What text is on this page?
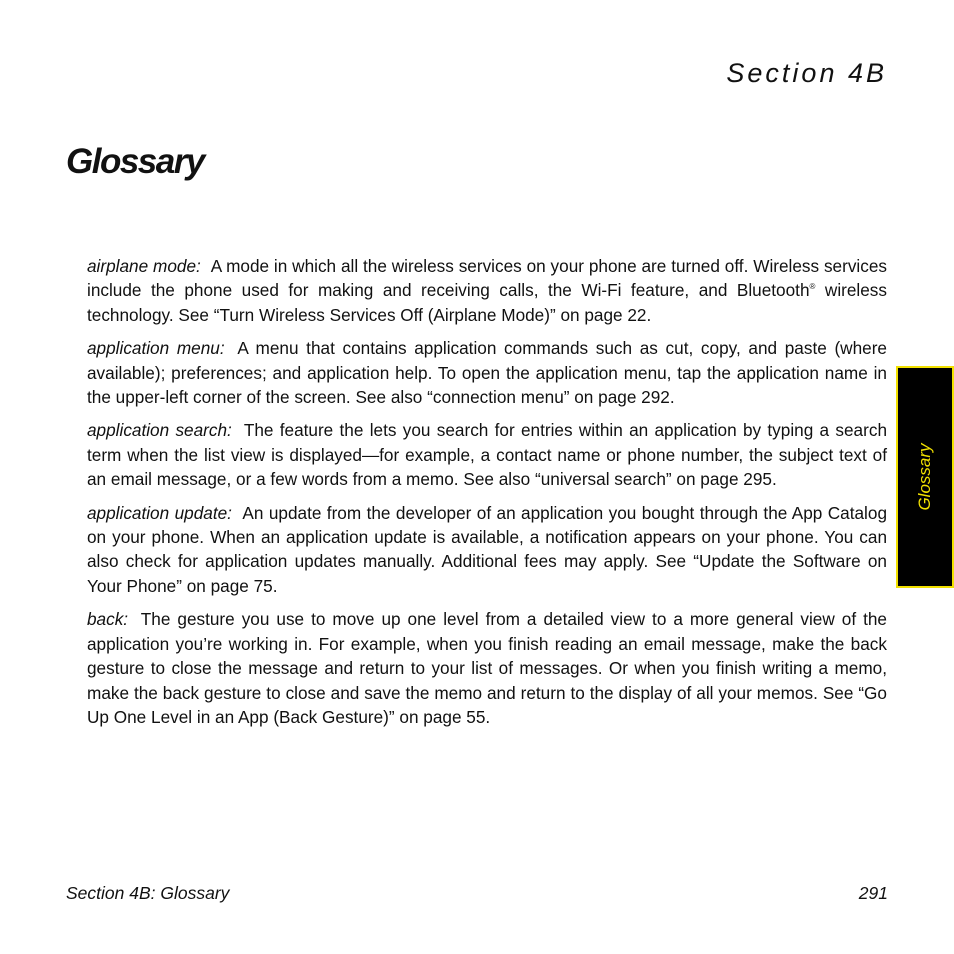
Section 4B
Glossary

airplane mode: A mode in which all the wireless services on your phone are turned off. Wireless services include the phone used for making and receiving calls, the Wi-Fi feature, and Bluetooth® wireless technology. See “Turn Wireless Services Off (Airplane Mode)” on page 22.

application menu: A menu that contains application commands such as cut, copy, and paste (where available); preferences; and application help. To open the application menu, tap the application name in the upper-left corner of the screen. See also “connection menu” on page 292.

application search: The feature the lets you search for entries within an application by typing a search term when the list view is displayed—for example, a contact name or phone number, the subject text of an email message, or a few words from a memo. See also “universal search” on page 295.

application update: An update from the developer of an application you bought through the App Catalog on your phone. When an application update is available, a notification appears on your phone. You can also check for application updates manually. Additional fees may apply. See “Update the Software on Your Phone” on page 75.

back: The gesture you use to move up one level from a detailed view to a more general view of the application you’re working in. For example, when you finish reading an email message, make the back gesture to close the message and return to your list of messages. Or when you finish writing a memo, make the back gesture to close and save the memo and return to the display of all your memos. See “Go Up One Level in an App (Back Gesture)” on page 55.

Glossary
Section 4B: Glossary	291
